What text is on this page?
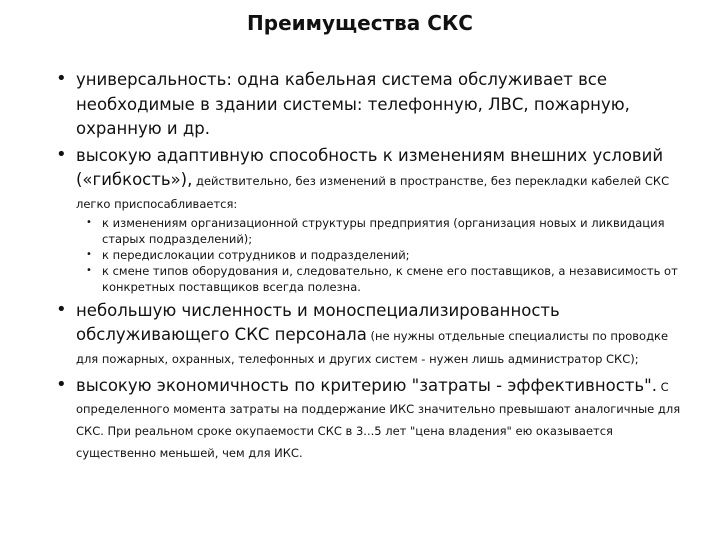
Преимущества СКС
• универсальность: одна кабельная система обслуживает все необходимые в здании системы: телефонную, ЛВС, пожарную, охранную и др.
• высокую адаптивную способность к изменениям внешних условий («гибкость»), действительно, без изменений в пространстве, без перекладки кабелей СКС легко приспосабливается:
• к изменениям организационной структуры предприятия (организация новых и ликвидация старых подразделений);
• к передислокации сотрудников и подразделений;
• к смене типов оборудования и, следовательно, к смене его поставщиков, а независимость от конкретных поставщиков всегда полезна.
• небольшую численность и моноспециализированность обслуживающего СКС персонала (не нужны отдельные специалисты по проводке для пожарных, охранных, телефонных и других систем - нужен лишь администратор СКС);
• высокую экономичность по критерию "затраты - эффективность". С определенного момента затраты на поддержание ИКС значительно превышают аналогичные для СКС. При реальном сроке окупаемости СКС в 3...5 лет "цена владения" ею оказывается существенно меньшей, чем для ИКС.
